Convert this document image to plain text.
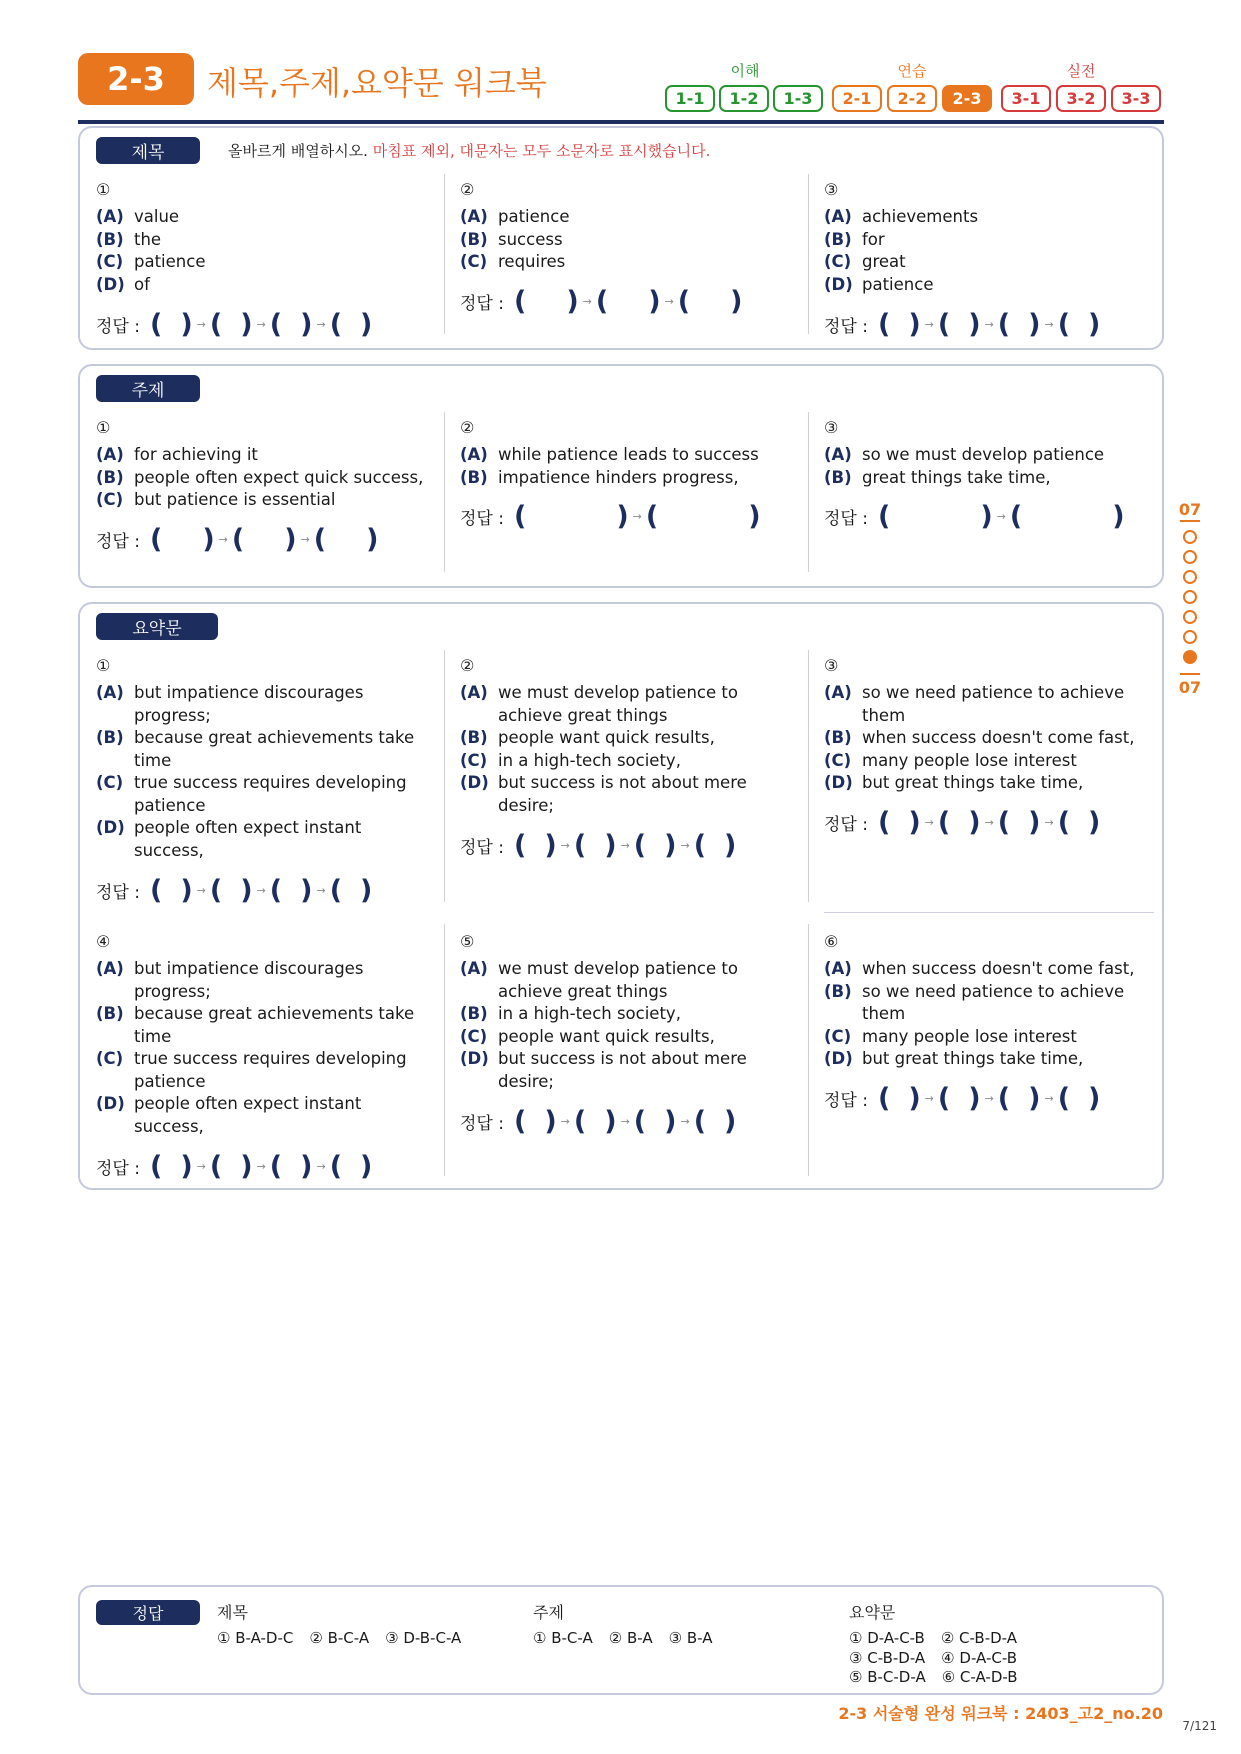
2-3	제목,주제,요약문 워크북	이해	연습	실전
1-1	1-2	1-3	2-1	2-2	2-3	3-1	3-2	3-3
제목	올바르게 배열하시오. 마침표 제외, 대문자는 모두 소문자로 표시했습니다.
①
(A) value
(B) the
(C) patience
(D) of
정답 : ( ) → ( ) → ( ) → ( )
②
(A) patience
(B) success
(C) requires
정답 : ( ) → ( ) → ( )
③
(A) achievements
(B) for
(C) great
(D) patience
정답 : ( ) → ( ) → ( ) → ( )
주제
①
(A) for achieving it
(B) people often expect quick success,
(C) but patience is essential
정답 : ( ) → ( ) → ( )
②
(A) while patience leads to success
(B) impatience hinders progress,
정답 : (	) → (	)
③
(A) so we must develop patience
(B) great things take time,
정답 : (	) → (	)
요약문
①
(A) but impatience discourages progress;
(B) because great achievements take time
(C) true success requires developing patience
(D) people often expect instant success,
정답 : ( ) → ( ) → ( ) → ( )
②
(A) we must develop patience to achieve great things
(B) people want quick results,
(C) in a high-tech society,
(D) but success is not about mere desire;
정답 : ( ) → ( ) → ( ) → ( )
③
(A) so we need patience to achieve them
(B) when success doesn't come fast,
(C) many people lose interest
(D) but great things take time,
정답 : ( ) → ( ) → ( ) → ( )
④
(A) but impatience discourages progress;
(B) because great achievements take time
(C) true success requires developing patience
(D) people often expect instant success,
정답 : ( ) → ( ) → ( ) → ( )
⑤
(A) we must develop patience to achieve great things
(B) in a high-tech society,
(C) people want quick results,
(D) but success is not about mere desire;
정답 : ( ) → ( ) → ( ) → ( )
⑥
(A) when success doesn't come fast,
(B) so we need patience to achieve them
(C) many people lose interest
(D) but great things take time,
정답 : ( ) → ( ) → ( ) → ( )
07
07
정답	제목
① B-A-D-C ② B-C-A ③ D-B-C-A
주제
① B-C-A ② B-A ③ B-A
요약문
① D-A-C-B ② C-B-D-A
③ C-B-D-A ④ D-A-C-B
⑤ B-C-D-A ⑥ C-A-D-B
2-3 서술형 완성 워크북 : 2403_고2_no.20
7/121
